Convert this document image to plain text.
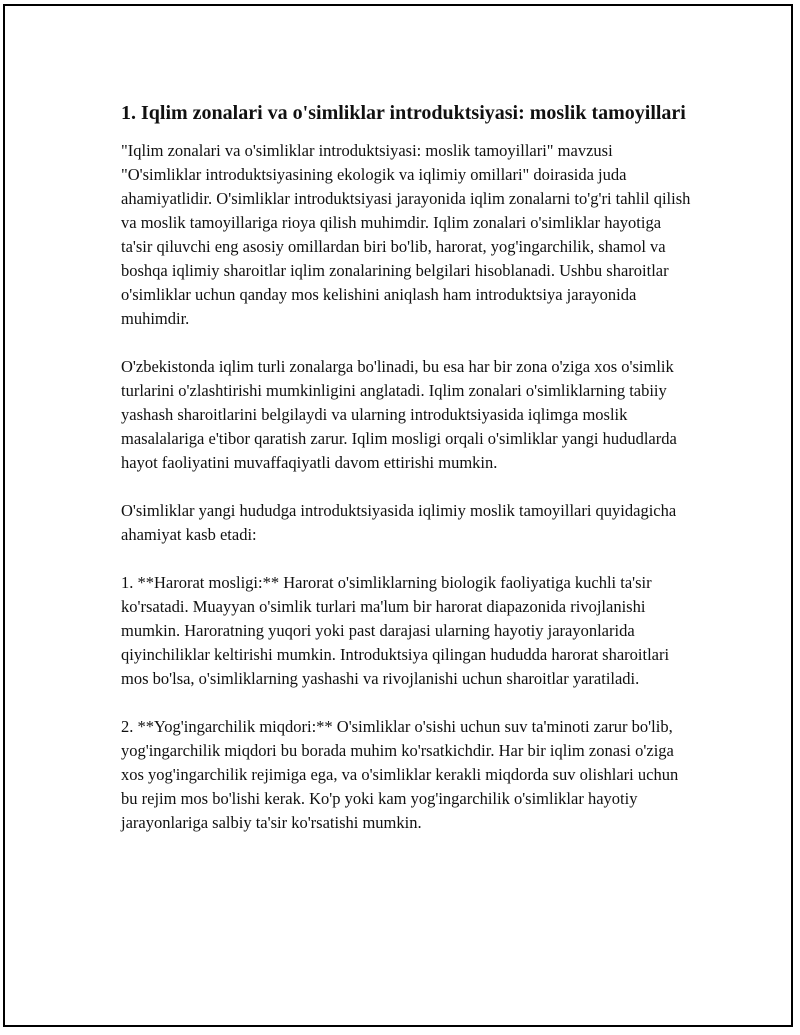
1. Iqlim zonalari va o'simliklar introduktsiyasi: moslik tamoyillari

"Iqlim zonalari va o'simliklar introduktsiyasi: moslik tamoyillari" mavzusi "O'simliklar introduktsiyasining ekologik va iqlimiy omillari" doirasida juda ahamiyatlidir. O'simliklar introduktsiyasi jarayonida iqlim zonalarni to'g'ri tahlil qilish va moslik tamoyillariga rioya qilish muhimdir. Iqlim zonalari o'simliklar hayotiga ta'sir qiluvchi eng asosiy omillardan biri bo'lib, harorat, yog'ingarchilik, shamol va boshqa iqlimiy sharoitlar iqlim zonalarining belgilari hisoblanadi. Ushbu sharoitlar o'simliklar uchun qanday mos kelishini aniqlash ham introduktsiya jarayonida muhimdir.

O'zbekistonda iqlim turli zonalarga bo'linadi, bu esa har bir zona o'ziga xos o'simlik turlarini o'zlashtirishi mumkinligini anglatadi. Iqlim zonalari o'simliklarning tabiiy yashash sharoitlarini belgilaydi va ularning introduktsiyasida iqlimga moslik masalalariga e'tibor qaratish zarur. Iqlim mosligi orqali o'simliklar yangi hududlarda hayot faoliyatini muvaffaqiyatli davom ettirishi mumkin.

O'simliklar yangi hududga introduktsiyasida iqlimiy moslik tamoyillari quyidagicha ahamiyat kasb etadi:

1. **Harorat mosligi:** Harorat o'simliklarning biologik faoliyatiga kuchli ta'sir ko'rsatadi. Muayyan o'simlik turlari ma'lum bir harorat diapazonida rivojlanishi mumkin. Haroratning yuqori yoki past darajasi ularning hayotiy jarayonlarida qiyinchiliklar keltirishi mumkin. Introduktsiya qilingan hududda harorat sharoitlari mos bo'lsa, o'simliklarning yashashi va rivojlanishi uchun sharoitlar yaratiladi.

2. **Yog'ingarchilik miqdori:** O'simliklar o'sishi uchun suv ta'minoti zarur bo'lib, yog'ingarchilik miqdori bu borada muhim ko'rsatkichdir. Har bir iqlim zonasi o'ziga xos yog'ingarchilik rejimiga ega, va o'simliklar kerakli miqdorda suv olishlari uchun bu rejim mos bo'lishi kerak. Ko'p yoki kam yog'ingarchilik o'simliklar hayotiy jarayonlariga salbiy ta'sir ko'rsatishi mumkin.
